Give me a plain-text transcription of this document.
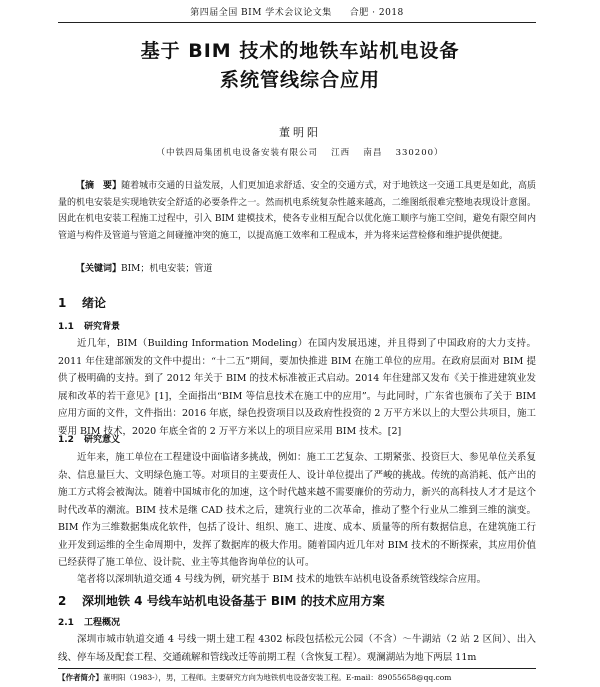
第四届全国 BIM 学术会议论文集 合肥 · 2018
基于 BIM 技术的地铁车站机电设备
系统管线综合应用
董明阳
（中铁四局集团机电设备安装有限公司 　江西 　南昌 　330200）
【摘　要】随着城市交通的日益发展，人们更加追求舒适、安全的交通方式，对于地铁这一交通工具更是如此，高质量的机电安装是实现地铁安全舒适的必要条件之一。然而机电系统复杂性越来越高，二维图纸很难完整地表现设计意图。因此在机电安装工程施工过程中，引入 BIM 建模技术，使各专业相互配合以优化施工顺序与施工空间，避免有限空间内管道与构件及管道与管道之间碰撞冲突的施工，以提高施工效率和工程成本，并为将来运营检修和维护提供便捷。
【关键词】BIM；机电安装；管道
1 绪论
1.1 研究背景
近几年，BIM（Building Information Modeling）在国内发展迅速，并且得到了中国政府的大力支持。2011 年住建部颁发的文件中提出：“十二五”期间，要加快推进 BIM 在施工单位的应用。在政府层面对 BIM 提供了极明确的支持。到了 2012 年关于 BIM 的技术标准被正式启动。2014 年住建部又发布《关于推进建筑业发展和改革的若干意见》[1]，全面指出“BIM 等信息技术在施工中的应用”。与此同时，广东省也颁布了关于 BIM 应用方面的文件，文件指出：2016 年底，绿色投资项目以及政府性投资的 2 万平方米以上的大型公共项目，施工要用 BIM 技术，2020 年底全省的 2 万平方米以上的项目应采用 BIM 技术。[2]
1.2 研究意义
近年来，施工单位在工程建设中面临诸多挑战，例如：施工工艺复杂、工期紧张、投资巨大、参见单位关系复杂、信息量巨大、文明绿色施工等。对项目的主要责任人、设计单位提出了严峻的挑战。传统的高消耗、低产出的施工方式将会被淘汰。随着中国城市化的加速，这个时代越来越不需要廉价的劳动力，新兴的高科技人才才是这个时代改革的潮流。BIM 技术是继 CAD 技术之后，建筑行业的二次革命，推动了整个行业从二维到三维的演变。BIM 作为三维数据集成化软件，包括了设计、组织、施工、进度、成本、质量等的所有数据信息，在建筑施工行业开发到运维的全生命周期中，发挥了数据库的极大作用。随着国内近几年对 BIM 技术的不断探索，其应用价值已经获得了施工单位、设计院、业主等其他咨询单位的认可。
笔者将以深圳轨道交通 4 号线为例，研究基于 BIM 技术的地铁车站机电设备系统管线综合应用。
2 深圳地铁 4 号线车站机电设备基于 BIM 的技术应用方案
2.1 工程概况
深圳市城市轨道交通 4 号线一期土建工程 4302 标段包括松元公园（不含）～牛湖站（2 站 2 区间）、出入线、停车场及配套工程、交通疏解和管线改迁等前期工程（含恢复工程）。观澜湖站为地下两层 11m
【作者简介】董明阳（1983-），男，工程师。主要研究方向为地铁机电设备安装工程。E-mail：89055658@qq.com
